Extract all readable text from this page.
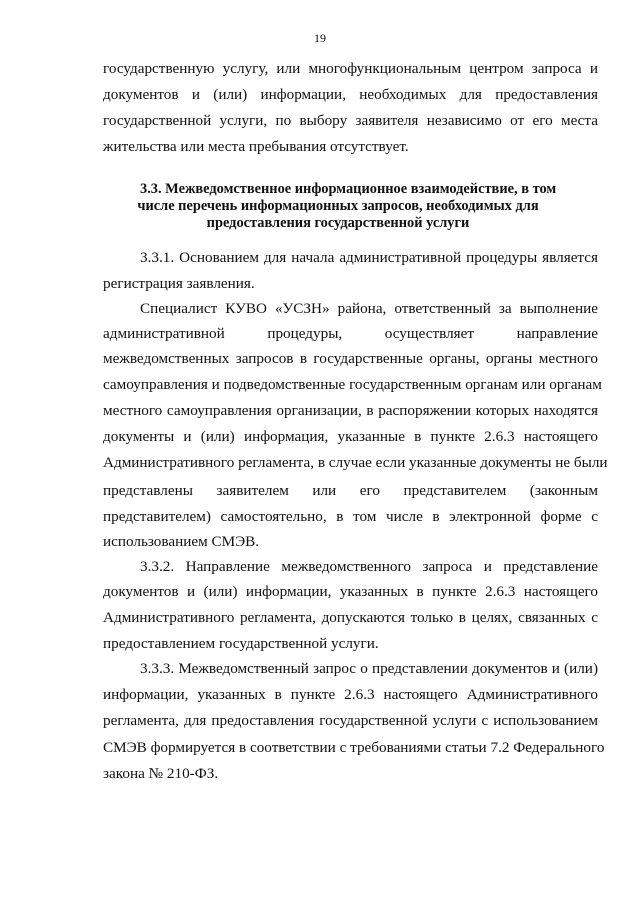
19
государственную услугу, или многофункциональным центром запроса и
документов и (или) информации, необходимых для предоставления
государственной услуги, по выбору заявителя независимо от его места
жительства или места пребывания отсутствует.
3.3. Межведомственное информационное взаимодействие, в том
числе перечень информационных запросов, необходимых для
предоставления государственной услуги
3.3.1. Основанием для начала административной процедуры является
регистрация заявления.
Специалист КУВО «УСЗН» района, ответственный за выполнение
административной процедуры, осуществляет направление
межведомственных запросов в государственные органы, органы местного
самоуправления и подведомственные государственным органам или органам
местного самоуправления организации, в распоряжении которых находятся
документы и (или) информация, указанные в пункте 2.6.3 настоящего
Административного регламента, в случае если указанные документы не были
представлены заявителем или его представителем (законным
представителем) самостоятельно, в том числе в электронной форме с
использованием СМЭВ.
3.3.2. Направление межведомственного запроса и представление
документов и (или) информации, указанных в пункте 2.6.3 настоящего
Административного регламента, допускаются только в целях, связанных с
предоставлением государственной услуги.
3.3.3. Межведомственный запрос о представлении документов и (или)
информации, указанных в пункте 2.6.3 настоящего Административного
регламента, для предоставления государственной услуги с использованием
СМЭВ формируется в соответствии с требованиями статьи 7.2 Федерального
закона № 210-ФЗ.
